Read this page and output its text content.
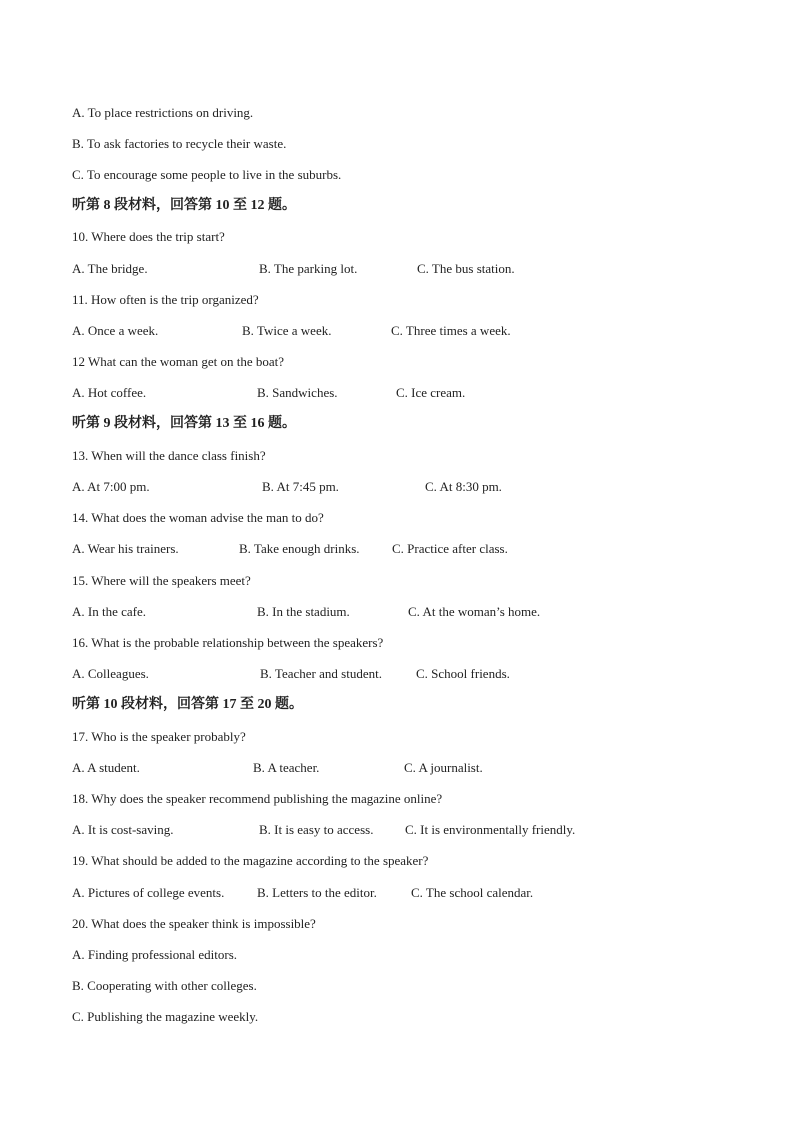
A. To place restrictions on driving.
B. To ask factories to recycle their waste.
C. To encourage some people to live in the suburbs.
听第 8 段材料，回答第 10 至 12 题。
10. Where does the trip start?
A. The bridge.	B. The parking lot.	C. The bus station.
11. How often is the trip organized?
A. Once a week.	B. Twice a week.	C. Three times a week.
12 What can the woman get on the boat?
A. Hot coffee.	B. Sandwiches.	C. Ice cream.
听第 9 段材料，回答第 13 至 16 题。
13. When will the dance class finish?
A. At 7:00 pm.	B. At 7:45 pm.	C. At 8:30 pm.
14. What does the woman advise the man to do?
A. Wear his trainers.	B. Take enough drinks. C. Practice after class.
15. Where will the speakers meet?
A. In the cafe.	B. In the stadium.	C. At the woman’s home.
16. What is the probable relationship between the speakers?
A. Colleagues.	B. Teacher and student.	C. School friends.
听第 10 段材料，回答第 17 至 20 题。
17. Who is the speaker probably?
A. A student.	B. A teacher.	C. A journalist.
18. Why does the speaker recommend publishing the magazine online?
A. It is cost-saving.	B. It is easy to access. C. It is environmentally friendly.
19. What should be added to the magazine according to the speaker?
A. Pictures of college events.	B. Letters to the editor.	C. The school calendar.
20. What does the speaker think is impossible?
A. Finding professional editors.
B. Cooperating with other colleges.
C. Publishing the magazine weekly.
